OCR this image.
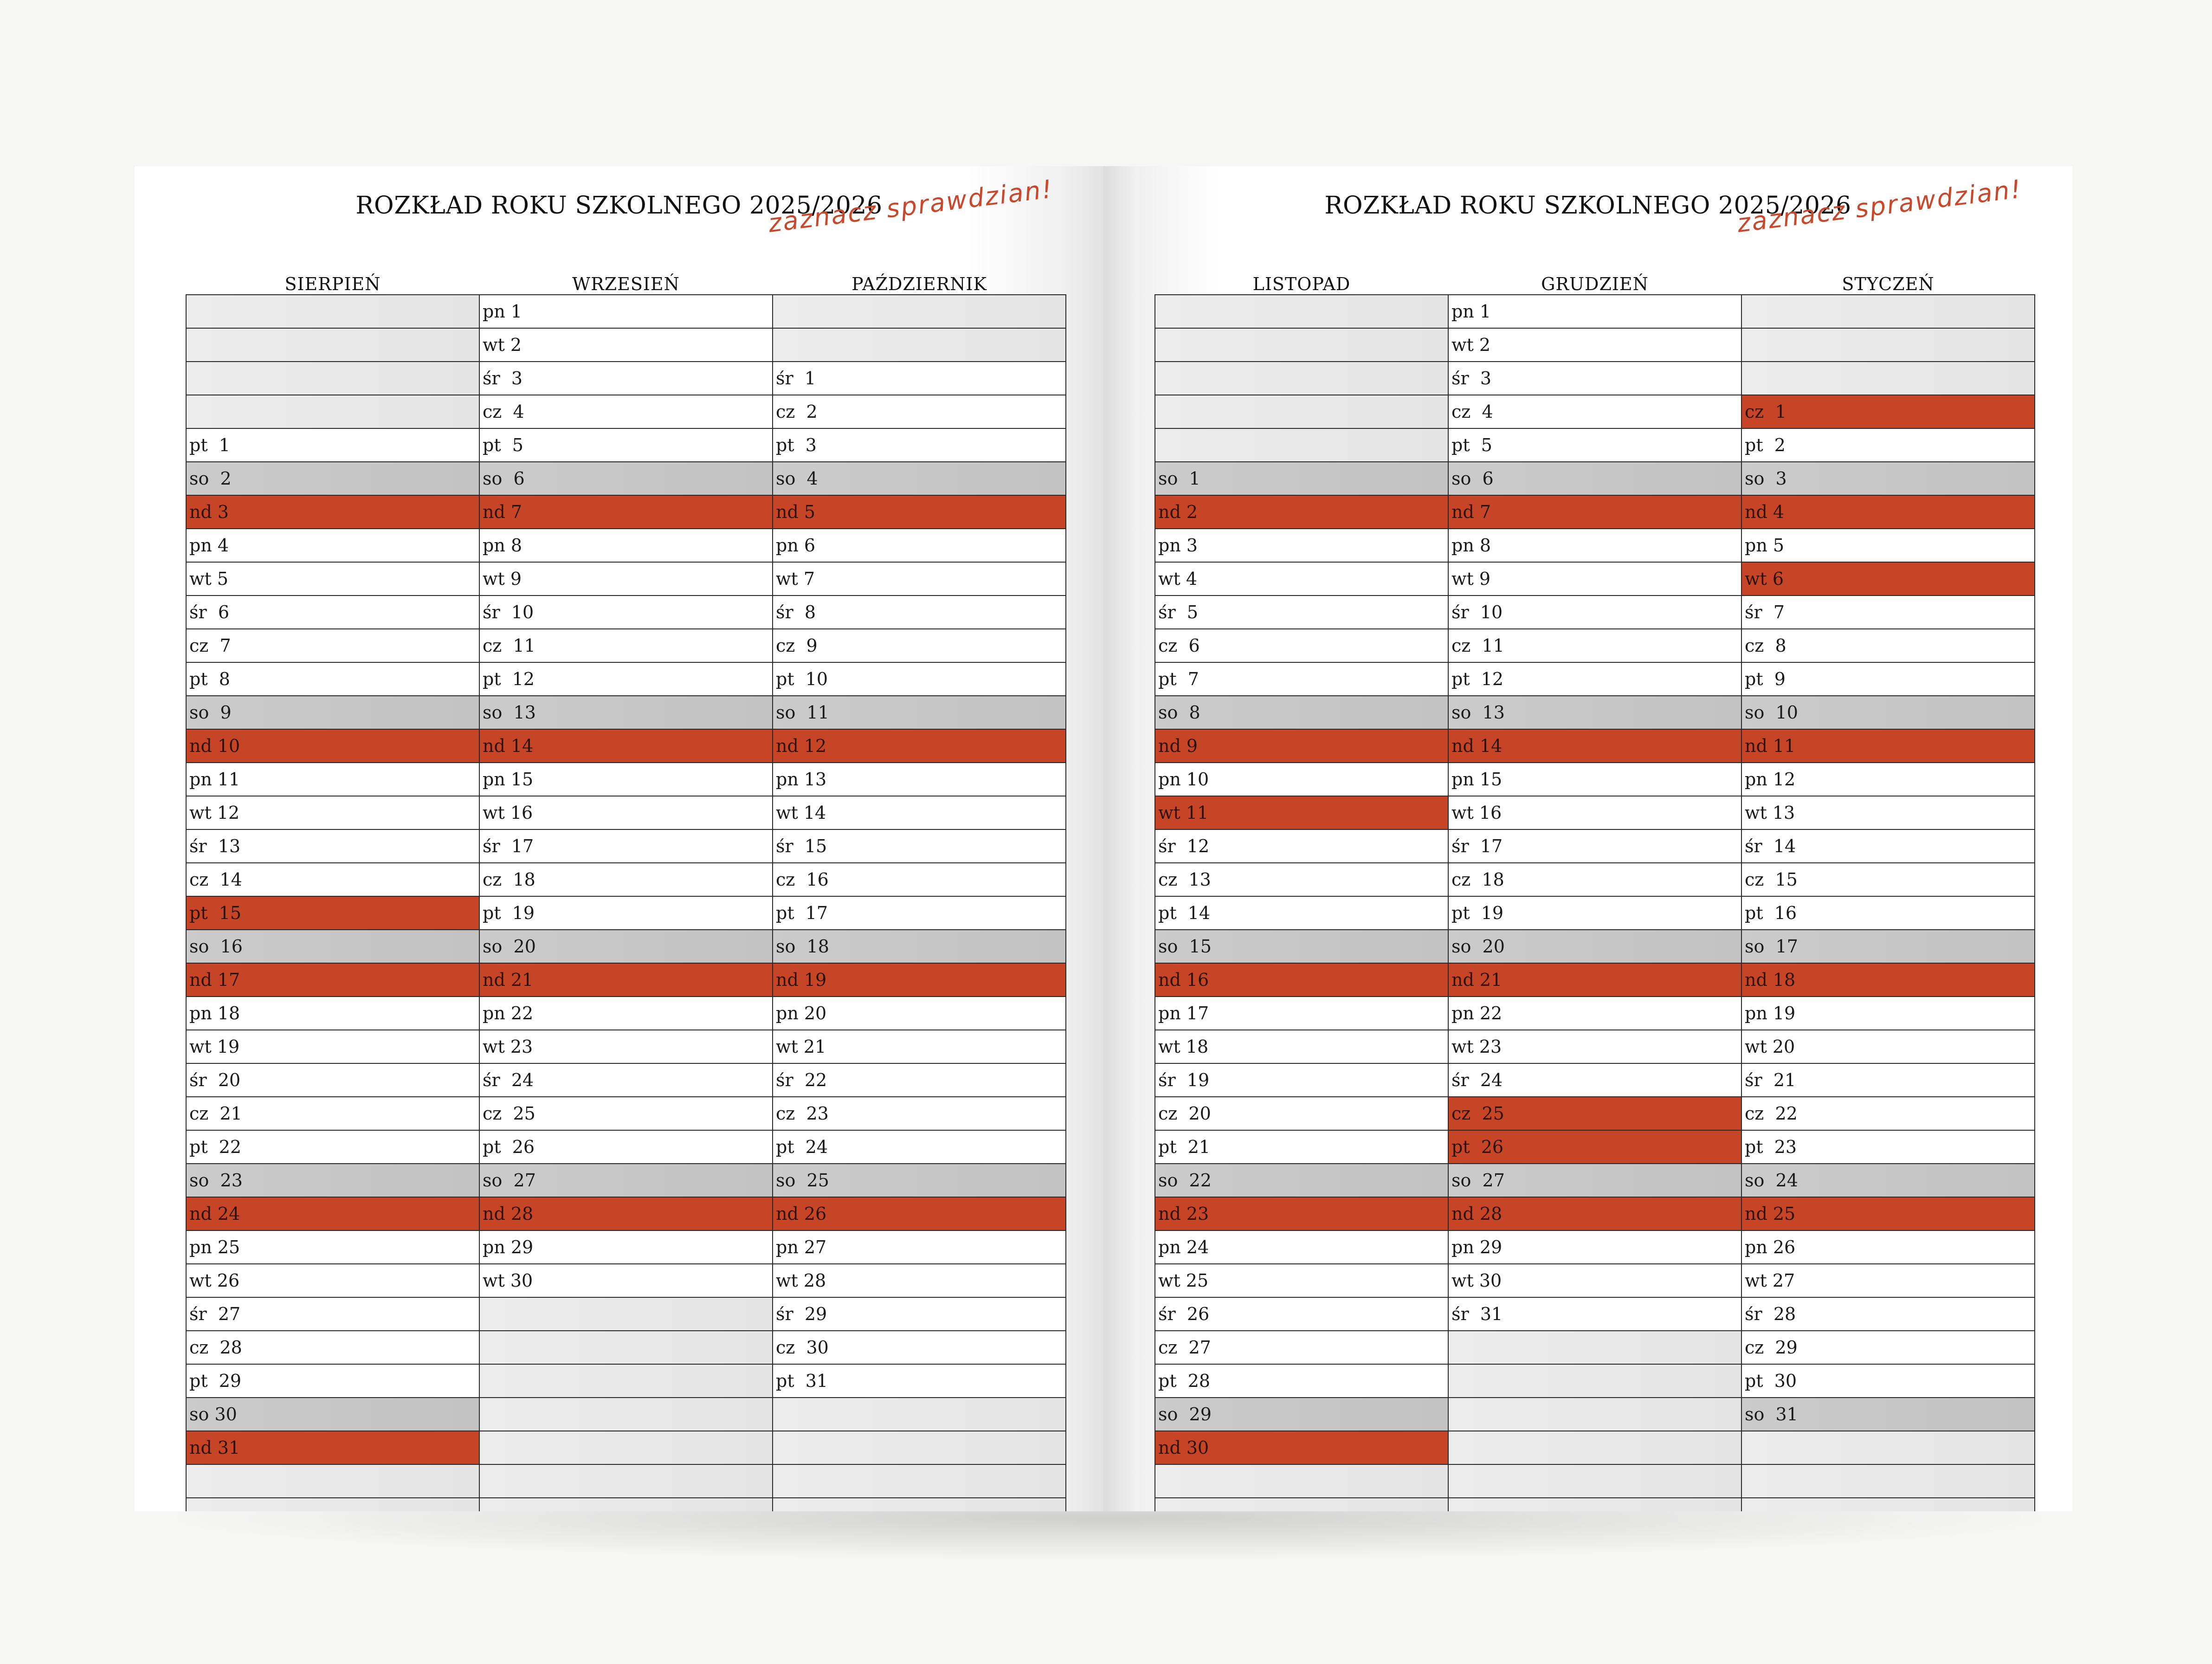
ROZKŁAD ROKU SZKOLNEGO 2025/2026
zaznacz sprawdzian!
SIERPIEŃ	WRZESIEŃ	PAŹDZIERNIK
	pn 1	
	wt 2	
	śr  3	śr  1
	cz  4	cz  2
pt  1	pt  5	pt  3
so  2	so  6	so  4
nd 3	nd 7	nd 5
pn 4	pn 8	pn 6
wt 5	wt 9	wt 7
śr  6	śr  10	śr  8
cz  7	cz  11	cz  9
pt  8	pt  12	pt  10
so  9	so  13	so  11
nd 10	nd 14	nd 12
pn 11	pn 15	pn 13
wt 12	wt 16	wt 14
śr  13	śr  17	śr  15
cz  14	cz  18	cz  16
pt  15	pt  19	pt  17
so  16	so  20	so  18
nd 17	nd 21	nd 19
pn 18	pn 22	pn 20
wt 19	wt 23	wt 21
śr  20	śr  24	śr  22
cz  21	cz  25	cz  23
pt  22	pt  26	pt  24
so  23	so  27	so  25
nd 24	nd 28	nd 26
pn 25	pn 29	pn 27
wt 26	wt 30	wt 28
śr  27		śr  29
cz  28		cz  30
pt  29		pt  31
so 30		
nd 31		

ROZKŁAD ROKU SZKOLNEGO 2025/2026
zaznacz sprawdzian!
LISTOPAD	GRUDZIEŃ	STYCZEŃ
	pn 1	
	wt 2	
	śr  3	
	cz  4	cz  1
	pt  5	pt  2
so  1	so  6	so  3
nd 2	nd 7	nd 4
pn 3	pn 8	pn 5
wt 4	wt 9	wt 6
śr  5	śr  10	śr  7
cz  6	cz  11	cz  8
pt  7	pt  12	pt  9
so  8	so  13	so  10
nd 9	nd 14	nd 11
pn 10	pn 15	pn 12
wt 11	wt 16	wt 13
śr  12	śr  17	śr  14
cz  13	cz  18	cz  15
pt  14	pt  19	pt  16
so  15	so  20	so  17
nd 16	nd 21	nd 18
pn 17	pn 22	pn 19
wt 18	wt 23	wt 20
śr  19	śr  24	śr  21
cz  20	cz  25	cz  22
pt  21	pt  26	pt  23
so  22	so  27	so  24
nd 23	nd 28	nd 25
pn 24	pn 29	pn 26
wt 25	wt 30	wt 27
śr  26	śr  31	śr  28
cz  27		cz  29
pt  28		pt  30
so  29		so  31
nd 30		
